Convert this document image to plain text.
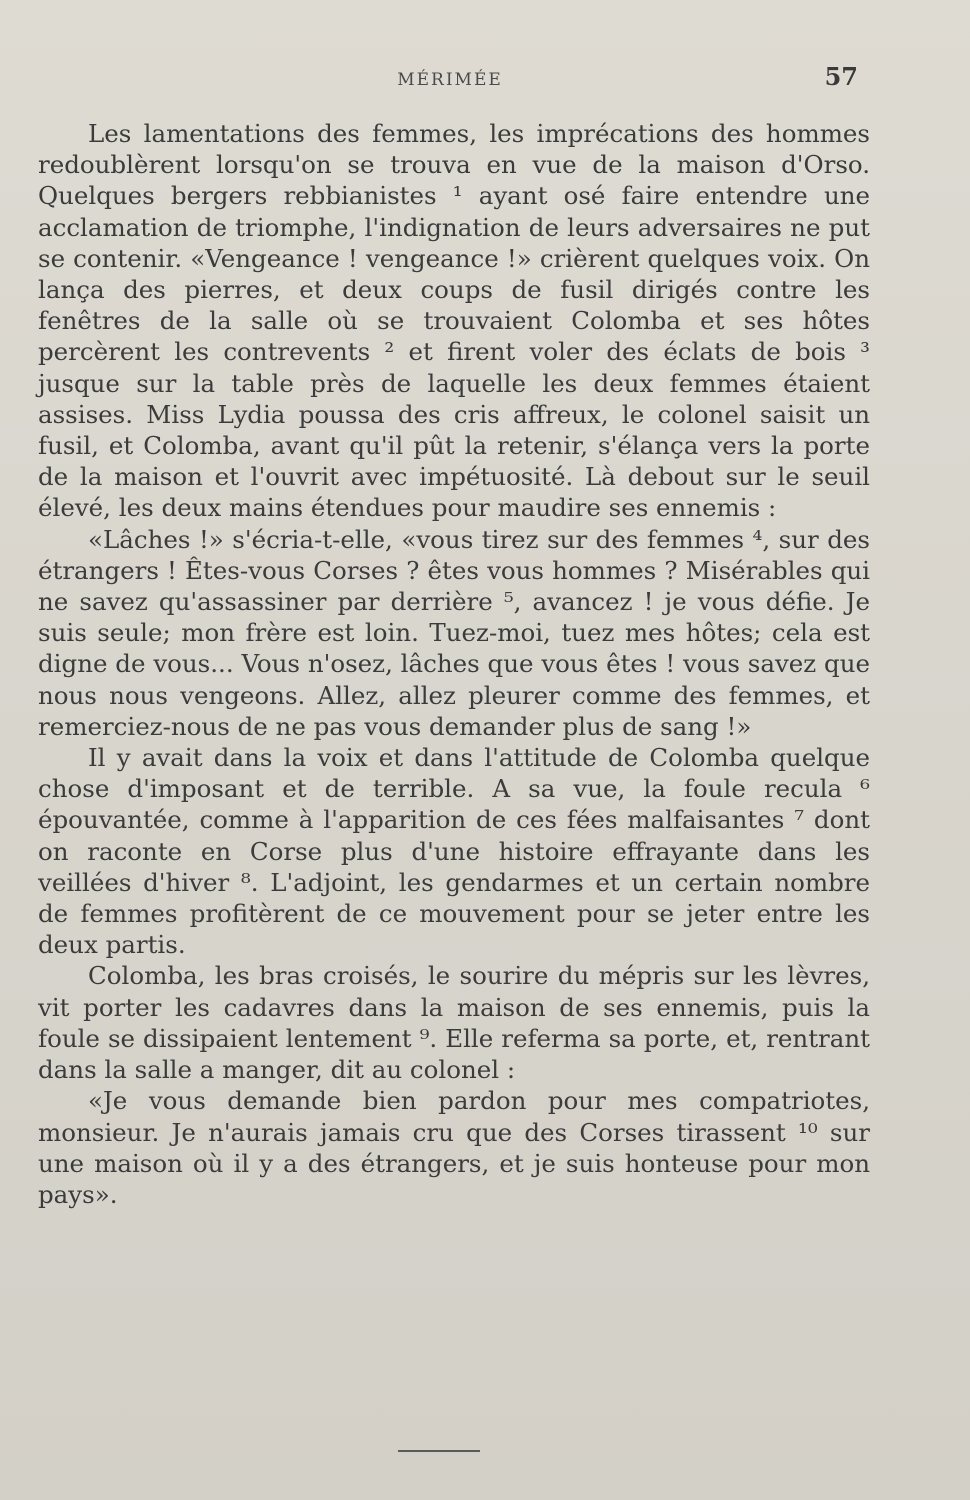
MÉRIMÉE	57

Les lamentations des femmes, les imprécations des hommes redoublèrent lorsqu'on se trouva en vue de la maison d'Orso. Quelques bergers rebbianistes ¹ ayant osé faire entendre une acclamation de triomphe, l'indignation de leurs adversaires ne put se contenir. «Vengeance ! vengeance !» crièrent quelques voix. On lança des pierres, et deux coups de fusil dirigés contre les fenêtres de la salle où se trouvaient Colomba et ses hôtes percèrent les contrevents ² et firent voler des éclats de bois ³ jusque sur la table près de laquelle les deux femmes étaient assises. Miss Lydia poussa des cris affreux, le colonel saisit un fusil, et Colomba, avant qu'il pût la retenir, s'élança vers la porte de la maison et l'ouvrit avec impétuosité. Là debout sur le seuil élevé, les deux mains étendues pour maudire ses ennemis :

«Lâches !» s'écria-t-elle, «vous tirez sur des femmes ⁴, sur des étrangers ! Êtes-vous Corses ? êtes vous hommes ? Misérables qui ne savez qu'assassiner par derrière ⁵, avancez ! je vous défie. Je suis seule; mon frère est loin. Tuez-moi, tuez mes hôtes; cela est digne de vous... Vous n'osez, lâches que vous êtes ! vous savez que nous nous vengeons. Allez, allez pleurer comme des femmes, et remerciez-nous de ne pas vous demander plus de sang !»

Il y avait dans la voix et dans l'attitude de Colomba quelque chose d'imposant et de terrible. A sa vue, la foule recula ⁶ épouvantée, comme à l'apparition de ces fées malfaisantes ⁷ dont on raconte en Corse plus d'une histoire effrayante dans les veillées d'hiver ⁸. L'adjoint, les gendarmes et un certain nombre de femmes profitèrent de ce mouvement pour se jeter entre les deux partis.

Colomba, les bras croisés, le sourire du mépris sur les lèvres, vit porter les cadavres dans la maison de ses ennemis, puis la foule se dissipaient lentement ⁹. Elle referma sa porte, et, rentrant dans la salle a manger, dit au colonel :

«Je vous demande bien pardon pour mes compatriotes, monsieur. Je n'aurais jamais cru que des Corses tirassent ¹⁰ sur une maison où il y a des étrangers, et je suis honteuse pour mon pays».
